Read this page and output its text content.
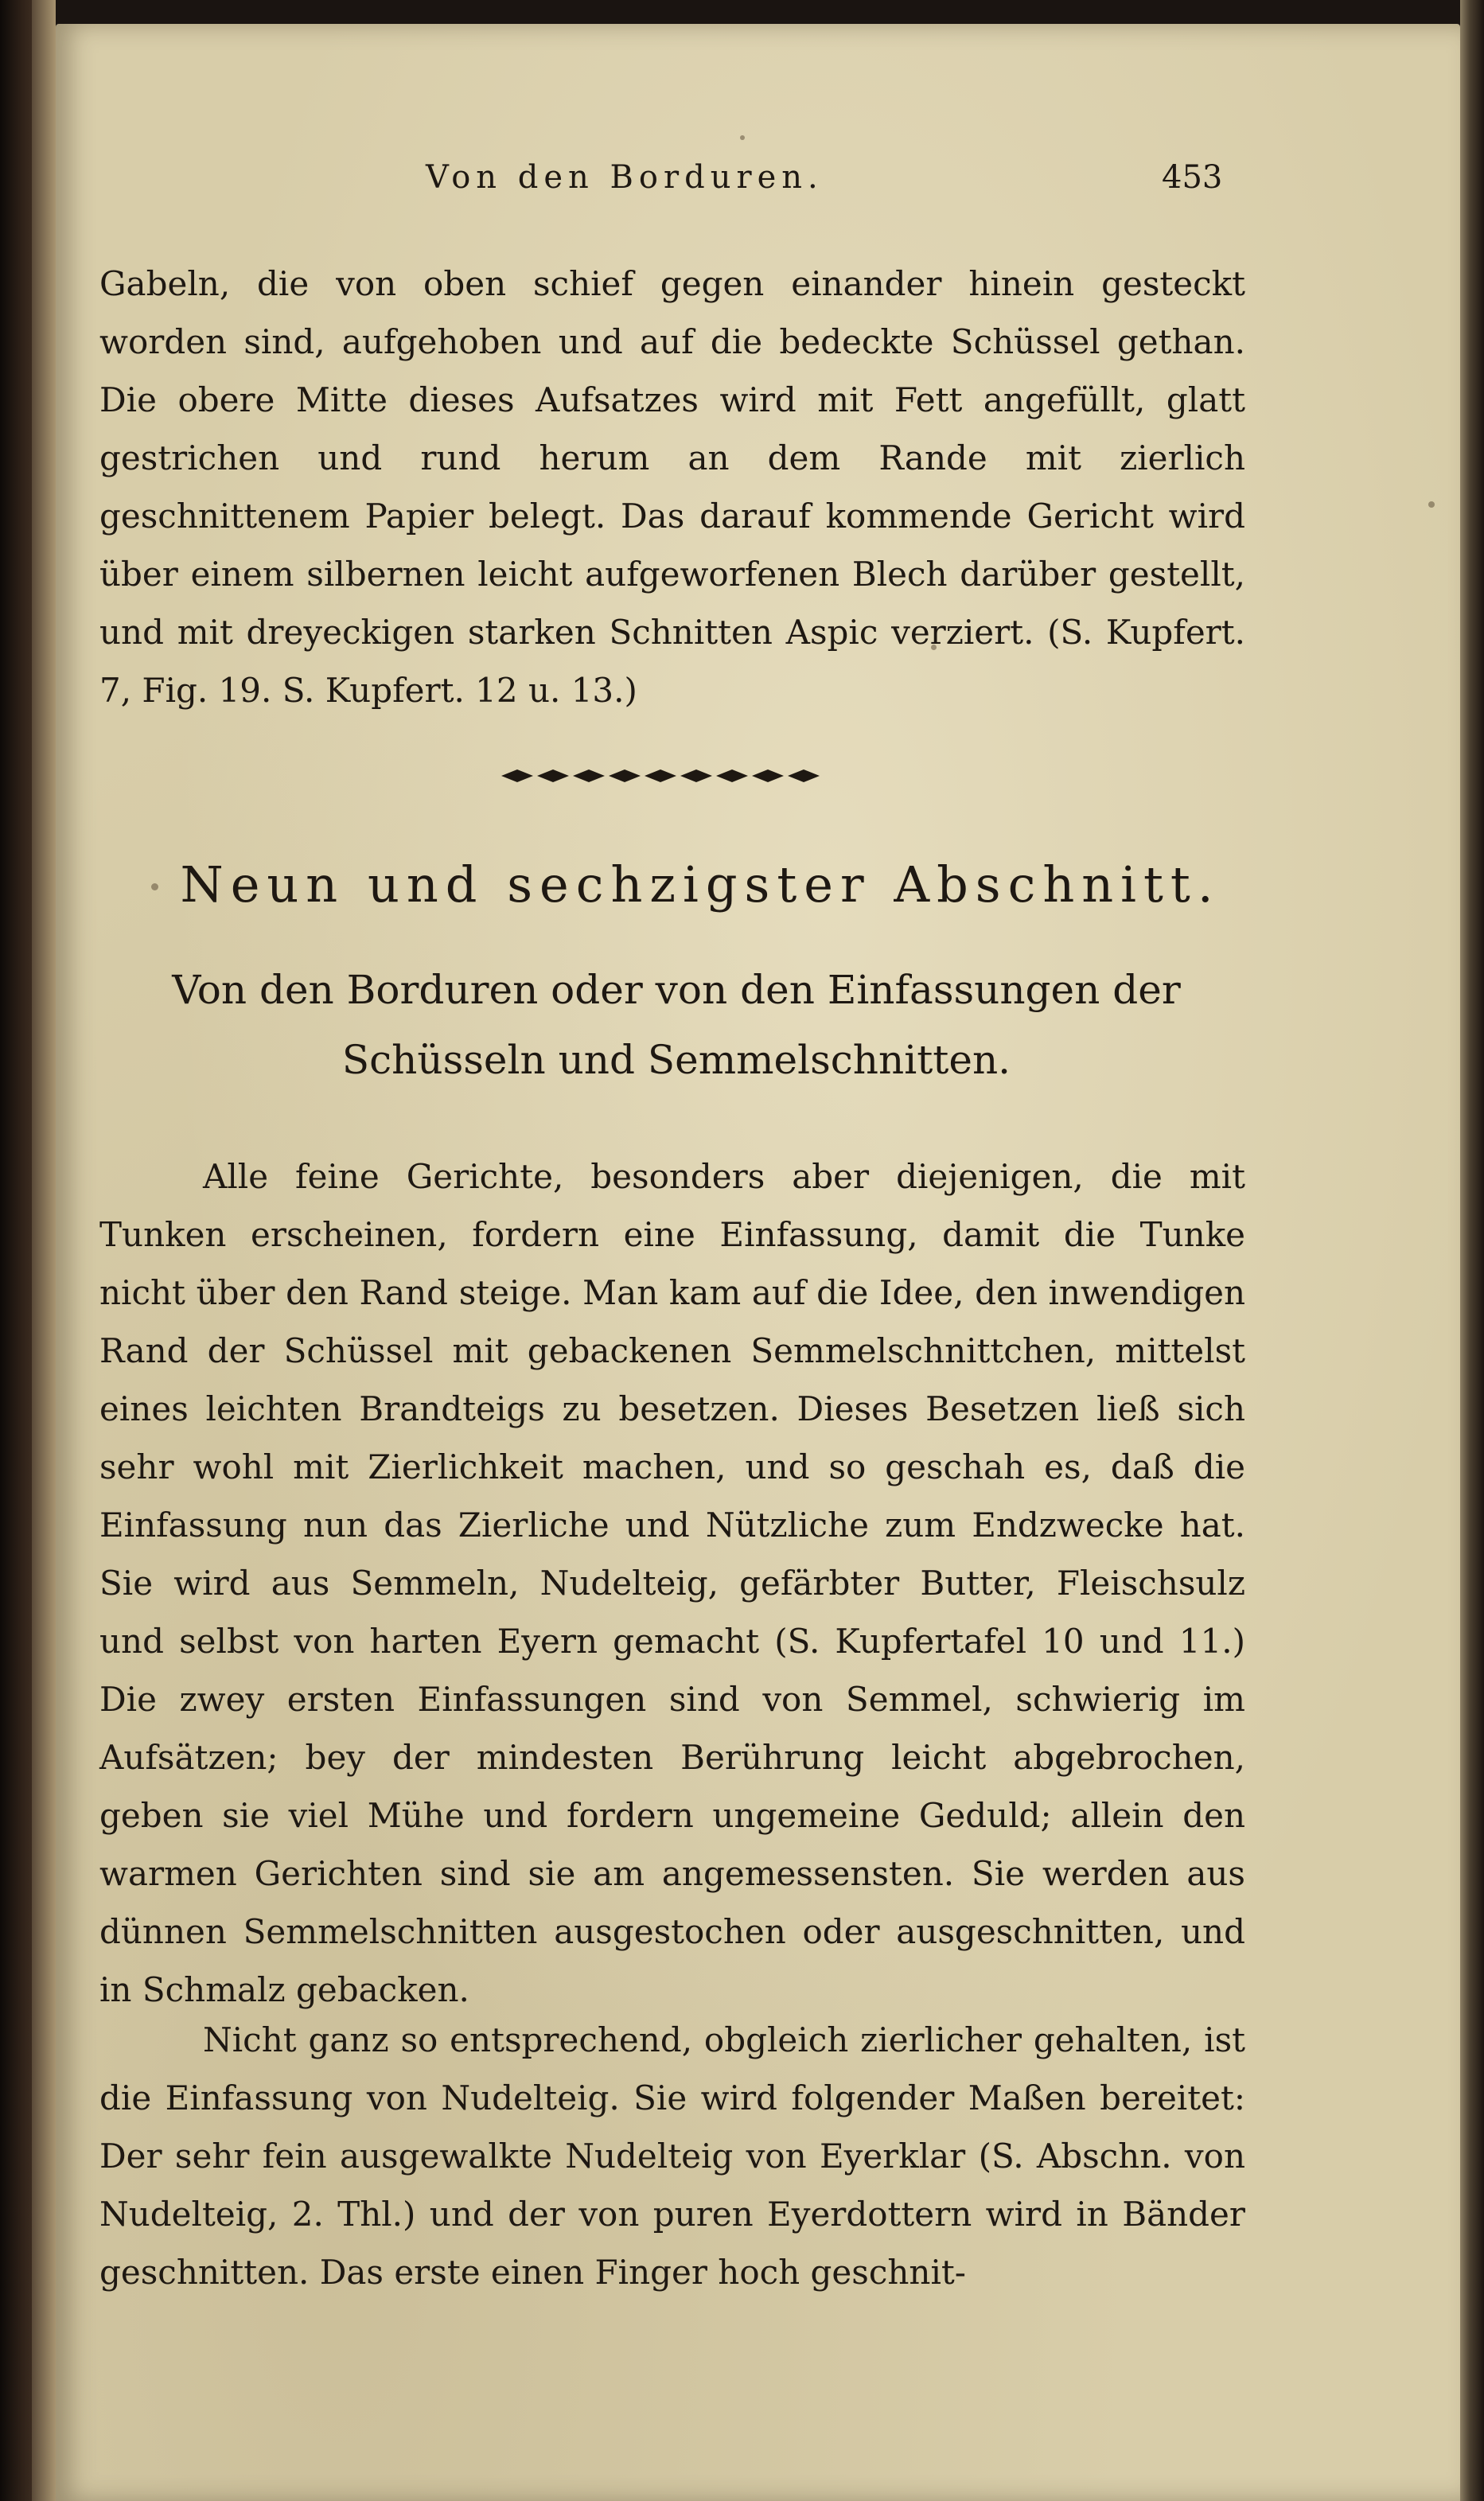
Von den Borduren.	453

Gabeln, die von oben schief gegen einander hinein gesteckt worden sind, aufgehoben und auf die bedeckte Schüssel gethan. Die obere Mitte dieses Aufsatzes wird mit Fett angefüllt, glatt gestrichen und rund herum an dem Rande mit zierlich geschnittenem Papier belegt. Das darauf kommende Gericht wird über einem silbernen leicht aufgeworfenen Blech darüber gestellt, und mit dreyeckigen starken Schnitten Aspic verziert. (S. Kupfert. 7, Fig. 19. S. Kupfert. 12 u. 13.)

Neun und sechzigster Abschnitt.
Von den Borduren oder von den Einfassungen der Schüsseln und Semmelschnitten.

Alle feine Gerichte, besonders aber diejenigen, die mit Tunken erscheinen, fordern eine Einfassung, damit die Tunke nicht über den Rand steige. Man kam auf die Idee, den inwendigen Rand der Schüssel mit gebackenen Semmelschnittchen, mittelst eines leichten Brandteigs zu besetzen. Dieses Besetzen ließ sich sehr wohl mit Zierlichkeit machen, und so geschah es, daß die Einfassung nun das Zierliche und Nützliche zum Endzwecke hat. Sie wird aus Semmeln, Nudelteig, gefärbter Butter, Fleischsulz und selbst von harten Eyern gemacht (S. Kupfertafel 10 und 11.) Die zwey ersten Einfassungen sind von Semmel, schwierig im Aufsätzen; bey der mindesten Berührung leicht abgebrochen, geben sie viel Mühe und fordern ungemeine Geduld; allein den warmen Gerichten sind sie am angemessensten. Sie werden aus dünnen Semmelschnitten ausgestochen oder ausgeschnitten, und in Schmalz gebacken.

Nicht ganz so entsprechend, obgleich zierlicher gehalten, ist die Einfassung von Nudelteig. Sie wird folgender Maßen bereitet: Der sehr fein ausgewalkte Nudelteig von Eyerklar (S. Abschn. von Nudelteig, 2. Thl.) und der von puren Eyerdottern wird in Bänder geschnitten. Das erste einen Finger hoch geschnit-
